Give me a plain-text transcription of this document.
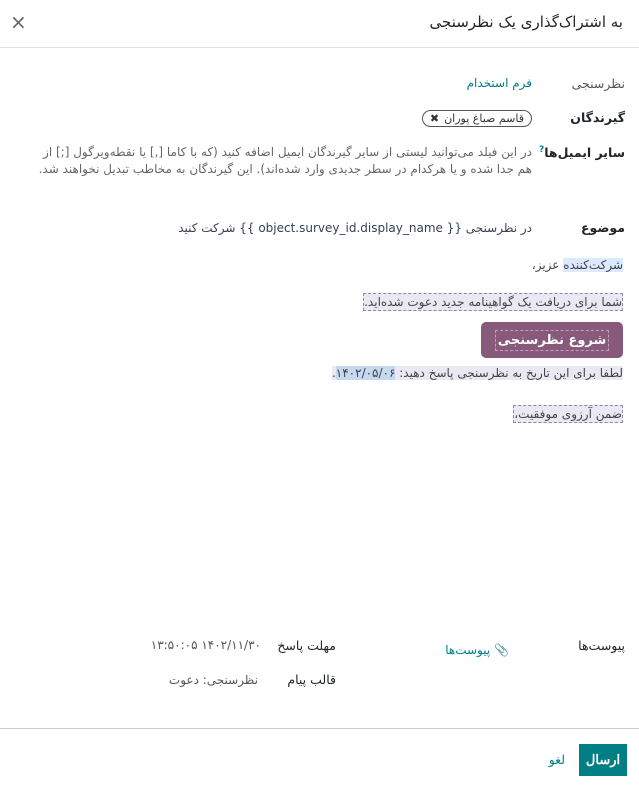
به اشتراک‌گذاری یک نظرسنجی
×
نظرسنجی
فرم استخدام
گیرندگان
قاسم صباغ پوران
✖
سایر ایمیل‌ها?
در این فیلد می‌توانید لیستی از سایر گیرندگان ایمیل اضافه کنید (که با کاما [,] یا نقطه‌ویرگول [;] از هم جدا شده و یا هرکدام در سطر جدیدی وارد شده‌اند). این گیرندگان به مخاطب تبدیل نخواهند شد.
موضوع
در نظرسنجی {{ object.survey_id.display_name }} شرکت کنید
شرکت‌کننده عزیز،
شما برای دریافت یک گواهینامه جدید دعوت شده‌اید.
شروع نظرسنجی
لطفا برای این تاریخ به نظرسنجی پاسخ دهید: ۱۴۰۲/۰۵/۰۶.
ضمن آرزوی موفقیت،
پیوست‌ها
📎 پیوست‌ها
مهلت پاسخ
۱۴۰۲/۱۱/۳۰ ۱۳:۵۰:۰۵
قالب پیام
نظرسنجی: دعوت
ارسال
لغو
